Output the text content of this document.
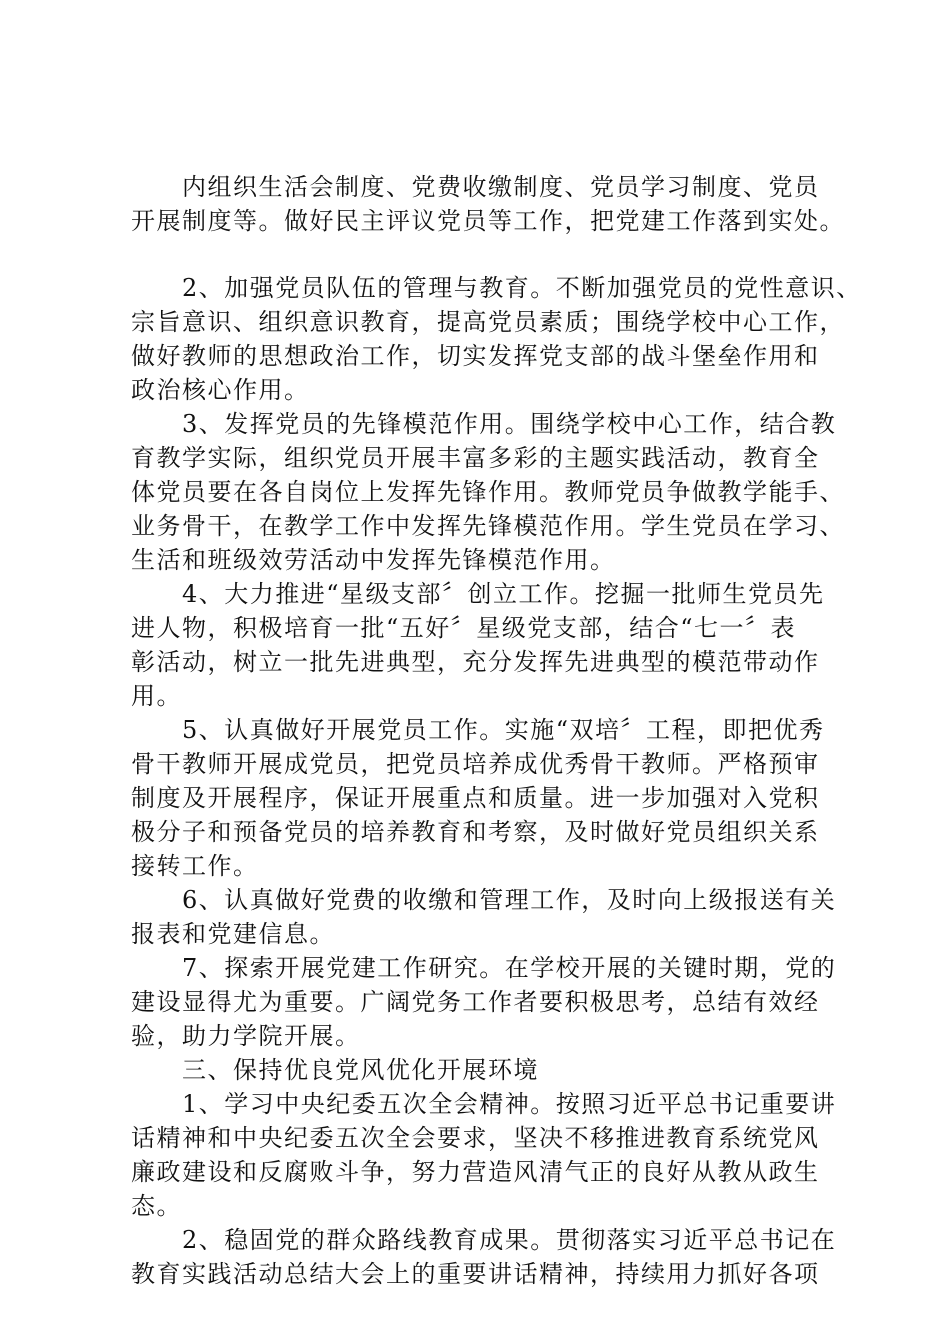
　　内组织生活会制度、党费收缴制度、党员学习制度、党员
开展制度等。做好民主评议党员等工作，把党建工作落到实处。
　　2、加强党员队伍的管理与教育。不断加强党员的党性意识、
宗旨意识、组织意识教育，提高党员素质；围绕学校中心工作，
做好教师的思想政治工作，切实发挥党支部的战斗堡垒作用和
政治核心作用。
　　3、发挥党员的先锋模范作用。围绕学校中心工作，结合教
育教学实际，组织党员开展丰富多彩的主题实践活动，教育全
体党员要在各自岗位上发挥先锋作用。教师党员争做教学能手、
业务骨干，在教学工作中发挥先锋模范作用。学生党员在学习、
生活和班级效劳活动中发挥先锋模范作用。
　　4、大力推进“星级支部〞创立工作。挖掘一批师生党员先
进人物，积极培育一批“五好〞星级党支部，结合“七一〞表
彰活动，树立一批先进典型，充分发挥先进典型的模范带动作
用。
　　5、认真做好开展党员工作。实施“双培〞工程，即把优秀
骨干教师开展成党员，把党员培养成优秀骨干教师。严格预审
制度及开展程序，保证开展重点和质量。进一步加强对入党积
极分子和预备党员的培养教育和考察，及时做好党员组织关系
接转工作。
　　6、认真做好党费的收缴和管理工作，及时向上级报送有关
报表和党建信息。
　　7、探索开展党建工作研究。在学校开展的关键时期，党的
建设显得尤为重要。广阔党务工作者要积极思考，总结有效经
验，助力学院开展。
　　三、保持优良党风优化开展环境
　　1、学习中央纪委五次全会精神。按照习近平总书记重要讲
话精神和中央纪委五次全会要求，坚决不移推进教育系统党风
廉政建设和反腐败斗争，努力营造风清气正的良好从教从政生
态。
　　2、稳固党的群众路线教育成果。贯彻落实习近平总书记在
教育实践活动总结大会上的重要讲话精神，持续用力抓好各项
